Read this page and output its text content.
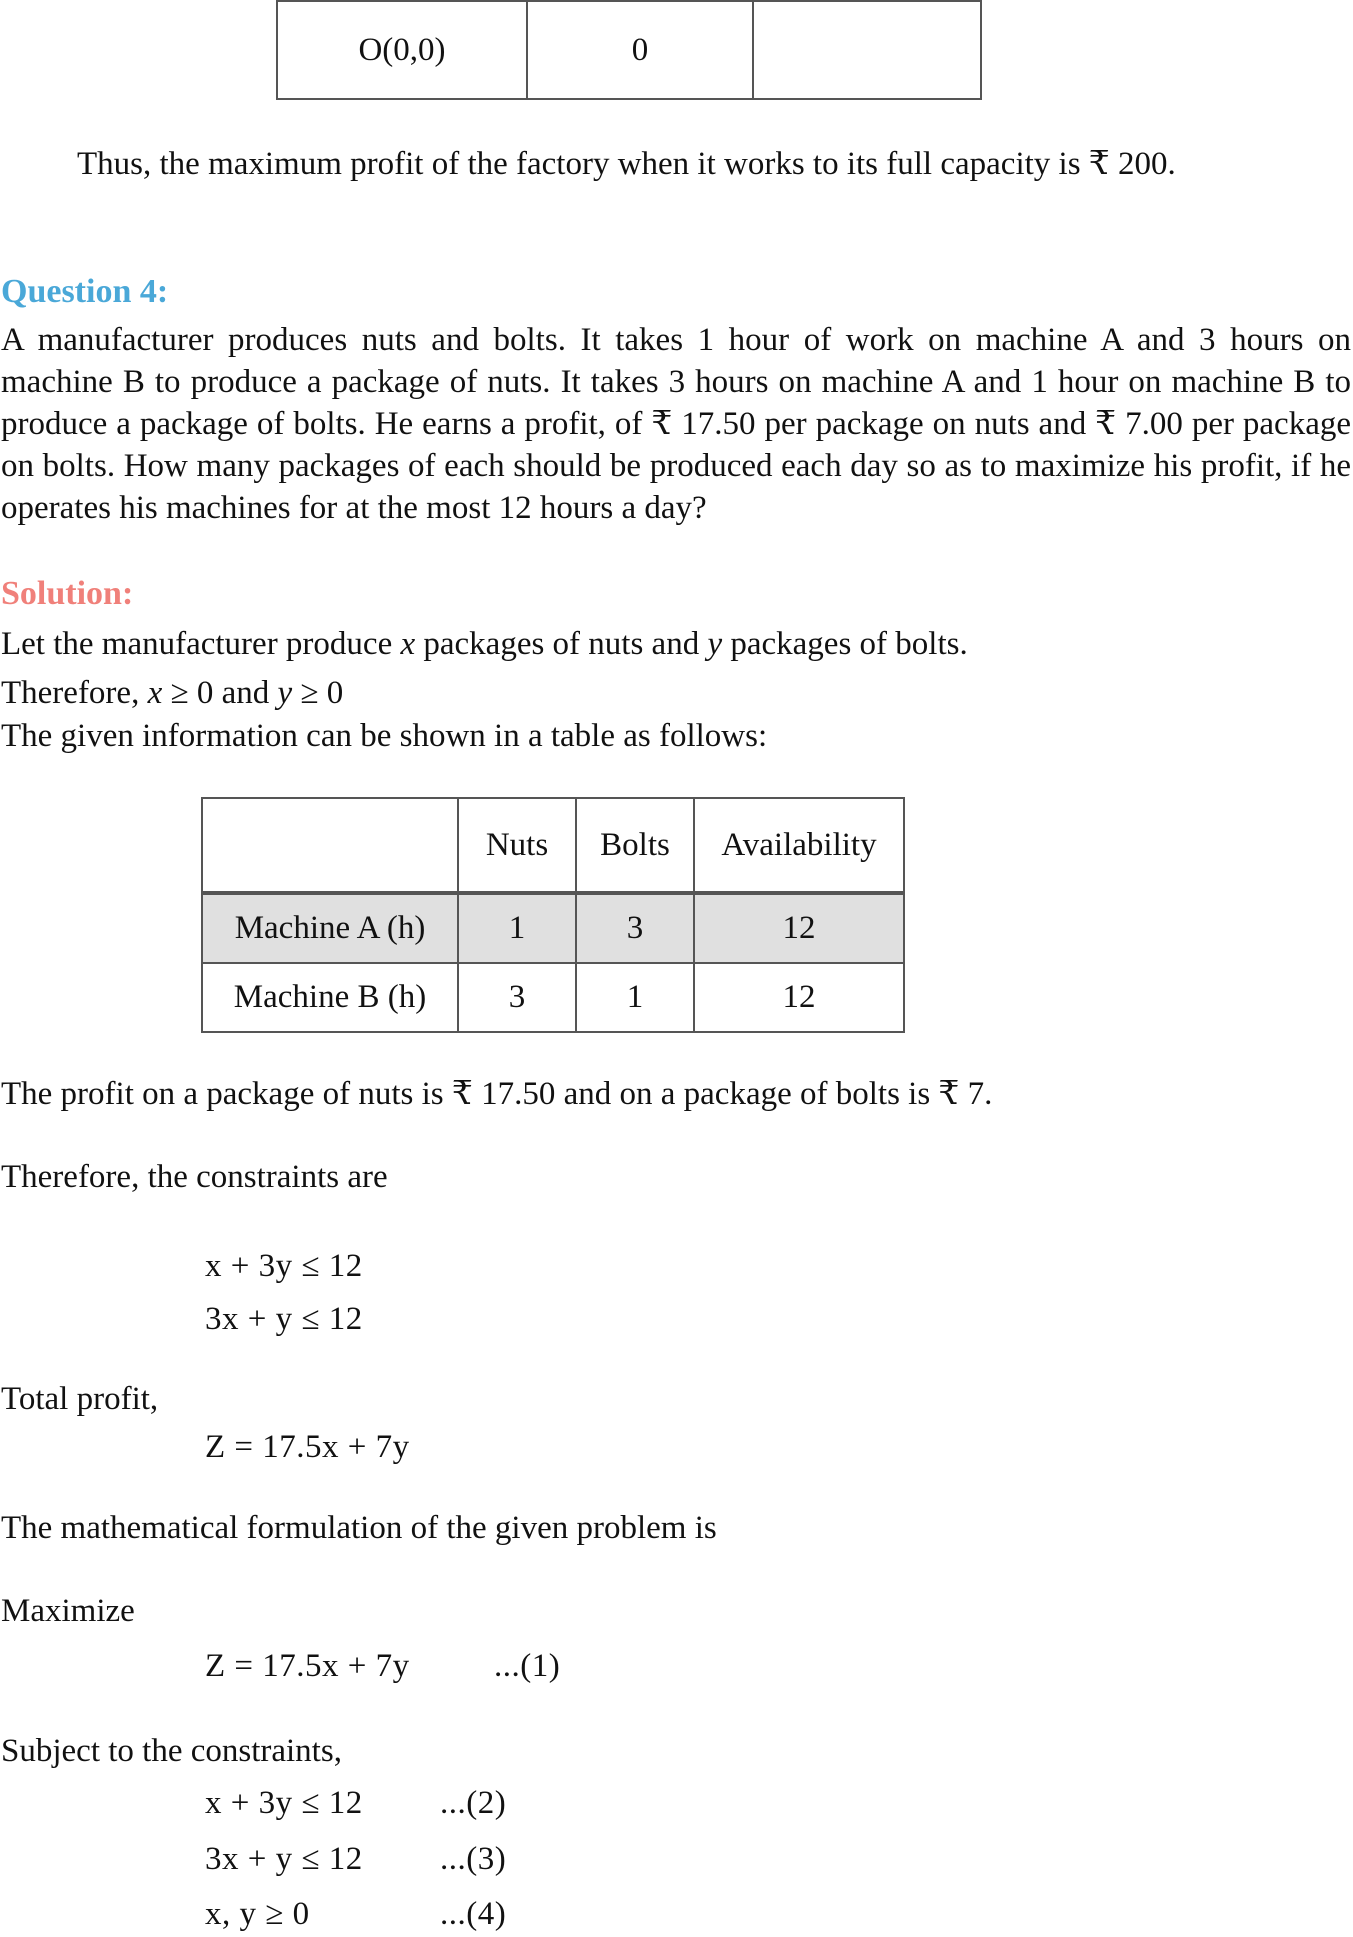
O(0,0)	0	
Thus, the maximum profit of the factory when it works to its full capacity is ₹ 200.
Question 4:
A manufacturer produces nuts and bolts. It takes 1 hour of work on machine A and 3 hours on machine B to produce a package of nuts. It takes 3 hours on machine A and 1 hour on machine B to produce a package of bolts. He earns a profit, of ₹ 17.50 per package on nuts and ₹ 7.00 per package on bolts. How many packages of each should be produced each day so as to maximize his profit, if he operates his machines for at the most 12 hours a day?
Solution:
Let the manufacturer produce x packages of nuts and y packages of bolts.
Therefore, x ≥ 0 and y ≥ 0
The given information can be shown in a table as follows:
	Nuts	Bolts	Availability
Machine A (h)	1	3	12
Machine B (h)	3	1	12
The profit on a package of nuts is ₹ 17.50 and on a package of bolts is ₹ 7.
Therefore, the constraints are
x + 3y ≤ 12
3x + y ≤ 12
Total profit,
Z = 17.5x + 7y
The mathematical formulation of the given problem is
Maximize
Z = 17.5x + 7y	...(1)
Subject to the constraints,
x + 3y ≤ 12 ...(2)
3x + y ≤ 12 ...(3)
x, y ≥ 0	...(4)
